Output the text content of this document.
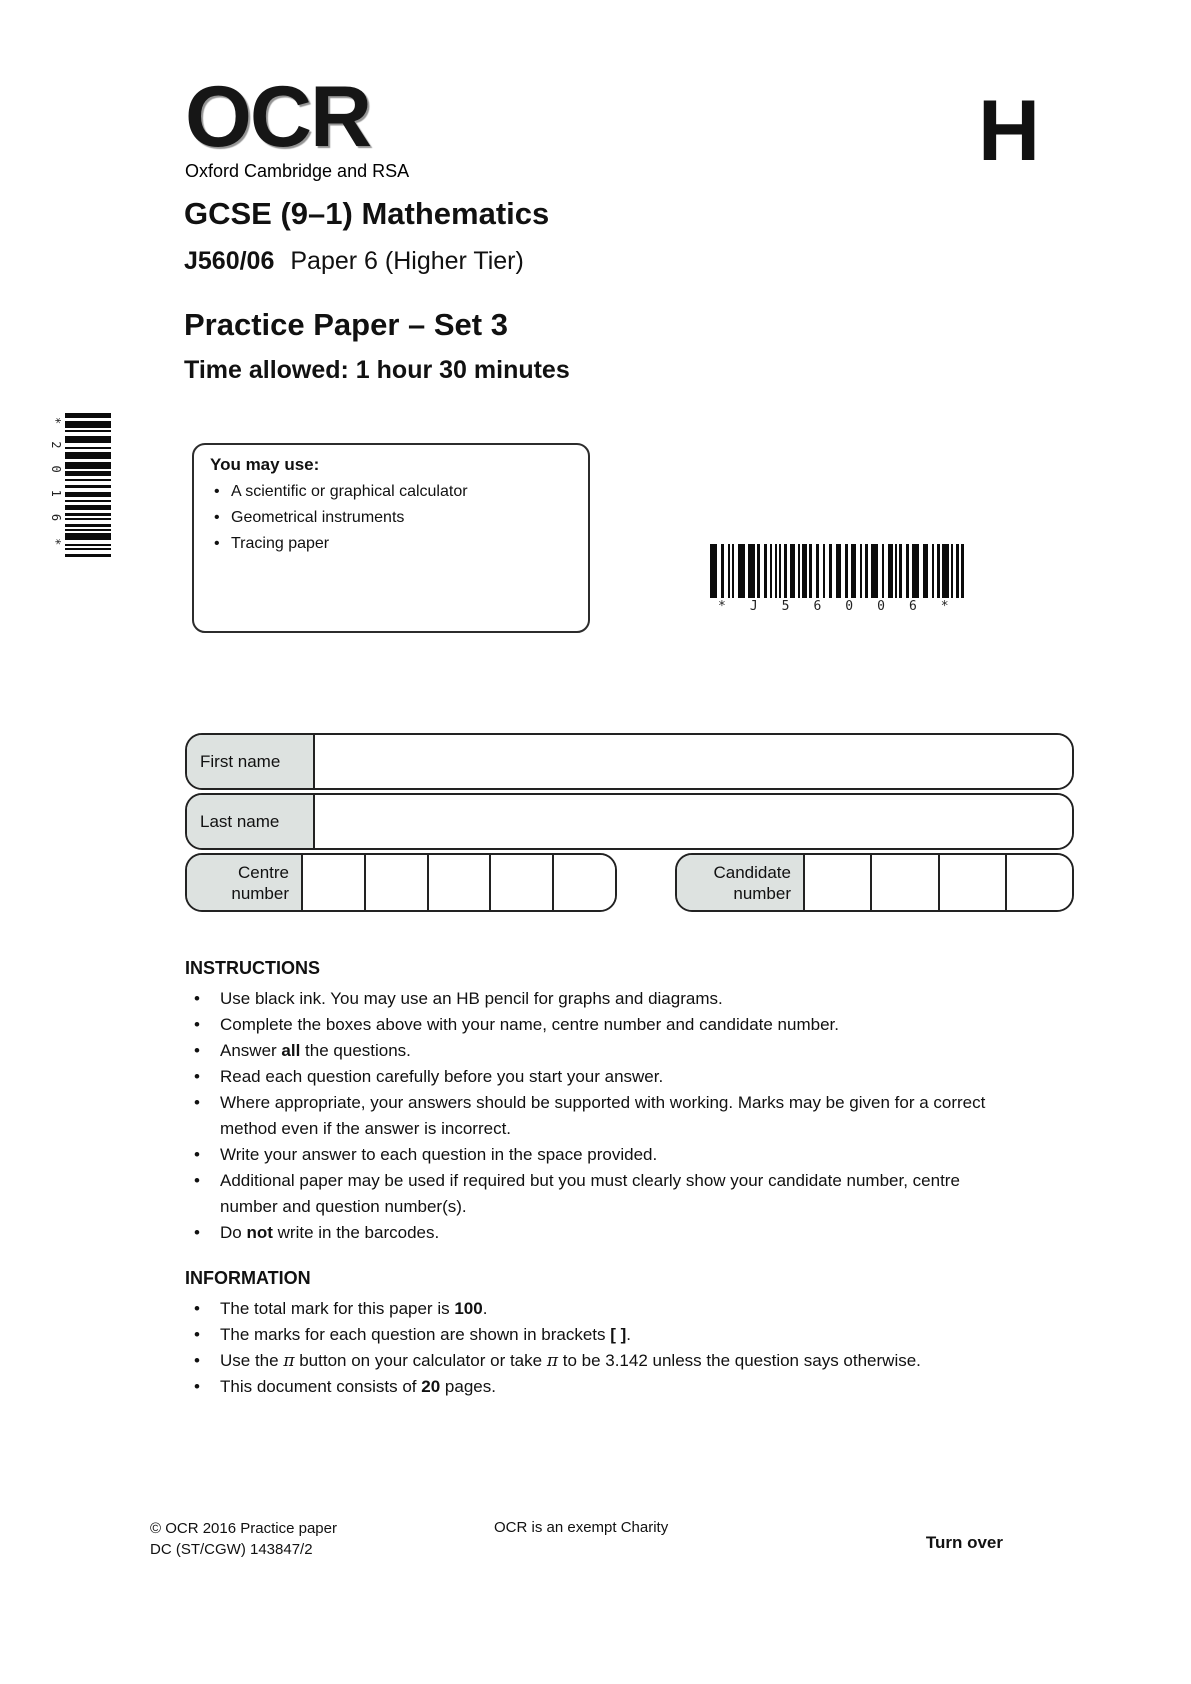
OCR
Oxford Cambridge and RSA	H
GCSE (9–1) Mathematics
J560/06 Paper 6 (Higher Tier)
Practice Paper – Set 3
Time allowed: 1 hour 30 minutes
*2016*	You may use:
• A scientific or graphical calculator
• Geometrical instruments
• Tracing paper
*J56006*
First name
Last name
Centre number
Candidate number
INSTRUCTIONS
• Use black ink. You may use an HB pencil for graphs and diagrams.
• Complete the boxes above with your name, centre number and candidate number.
• Answer all the questions.
• Read each question carefully before you start your answer.
• Where appropriate, your answers should be supported with working. Marks may be given for a correct method even if the answer is incorrect.
• Write your answer to each question in the space provided.
• Additional paper may be used if required but you must clearly show your candidate number, centre number and question number(s).
• Do not write in the barcodes.
INFORMATION
• The total mark for this paper is 100.
• The marks for each question are shown in brackets [ ].
• Use the π button on your calculator or take π to be 3.142 unless the question says otherwise.
• This document consists of 20 pages.
© OCR 2016 Practice paper
DC (ST/CGW) 143847/2
OCR is an exempt Charity
Turn over
